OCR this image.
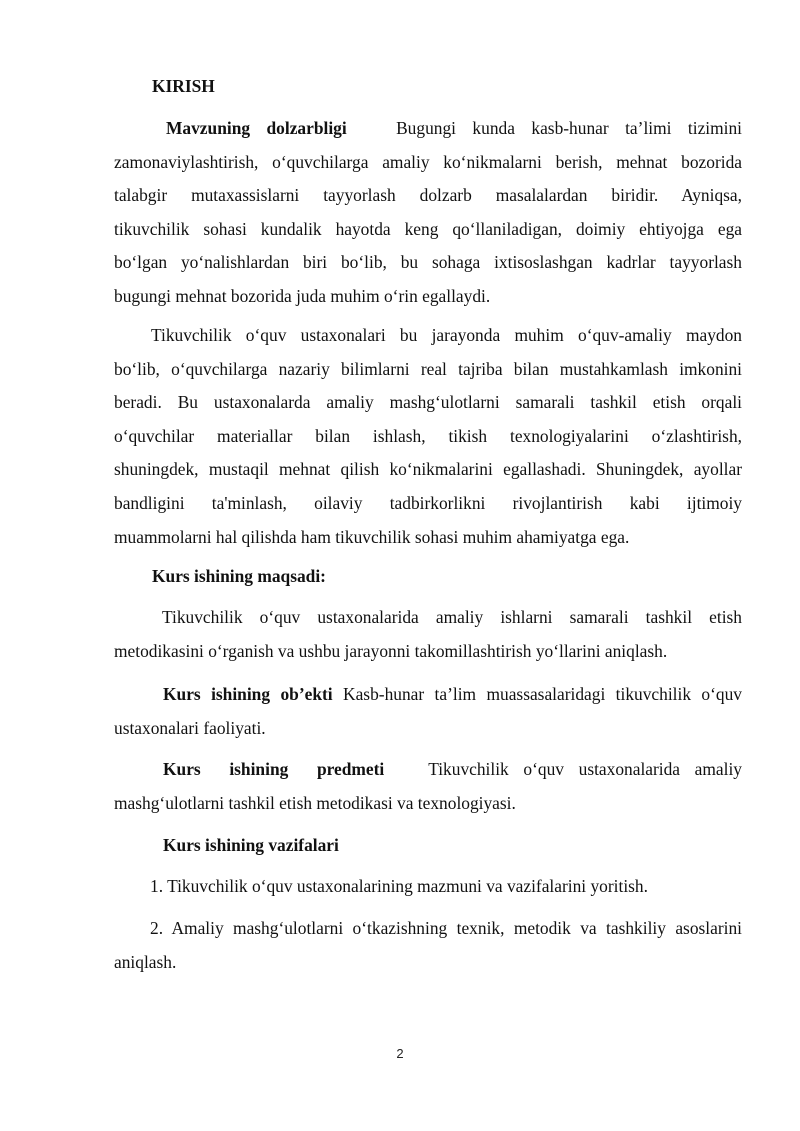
KIRISH
Mavzuning dolzarbligi	Bugungi kunda kasb-hunar ta’limi tizimini
zamonaviylashtirish, o‘quvchilarga amaliy ko‘nikmalarni berish, mehnat bozorida
talabgir mutaxassislarni tayyorlash dolzarb masalalardan biridir. Ayniqsa,
tikuvchilik sohasi kundalik hayotda keng qo‘llaniladigan, doimiy ehtiyojga ega
bo‘lgan yo‘nalishlardan biri bo‘lib, bu sohaga ixtisoslashgan kadrlar tayyorlash
bugungi mehnat bozorida juda muhim o‘rin egallaydi.
Tikuvchilik o‘quv ustaxonalari bu jarayonda muhim o‘quv-amaliy maydon
bo‘lib, o‘quvchilarga nazariy bilimlarni real tajriba bilan mustahkamlash imkonini
beradi. Bu ustaxonalarda amaliy mashg‘ulotlarni samarali tashkil etish orqali
o‘quvchilar materiallar bilan ishlash, tikish texnologiyalarini o‘zlashtirish,
shuningdek, mustaqil mehnat qilish ko‘nikmalarini egallashadi. Shuningdek, ayollar
bandligini ta'minlash, oilaviy tadbirkorlikni rivojlantirish kabi ijtimoiy
muammolarni hal qilishda ham tikuvchilik sohasi muhim ahamiyatga ega.
Kurs ishining maqsadi:
Tikuvchilik o‘quv ustaxonalarida amaliy ishlarni samarali tashkil etish
metodikasini o‘rganish va ushbu jarayonni takomillashtirish yo‘llarini aniqlash.
Kurs ishining ob’ekti Kasb-hunar ta’lim muassasalaridagi tikuvchilik o‘quv
ustaxonalari faoliyati.
Kurs ishining predmeti	Tikuvchilik o‘quv ustaxonalarida amaliy
mashg‘ulotlarni tashkil etish metodikasi va texnologiyasi.
Kurs ishining vazifalari
1. Tikuvchilik o‘quv ustaxonalarining mazmuni va vazifalarini yoritish.
2. Amaliy mashg‘ulotlarni o‘tkazishning texnik, metodik va tashkiliy asoslarini
aniqlash.
2
